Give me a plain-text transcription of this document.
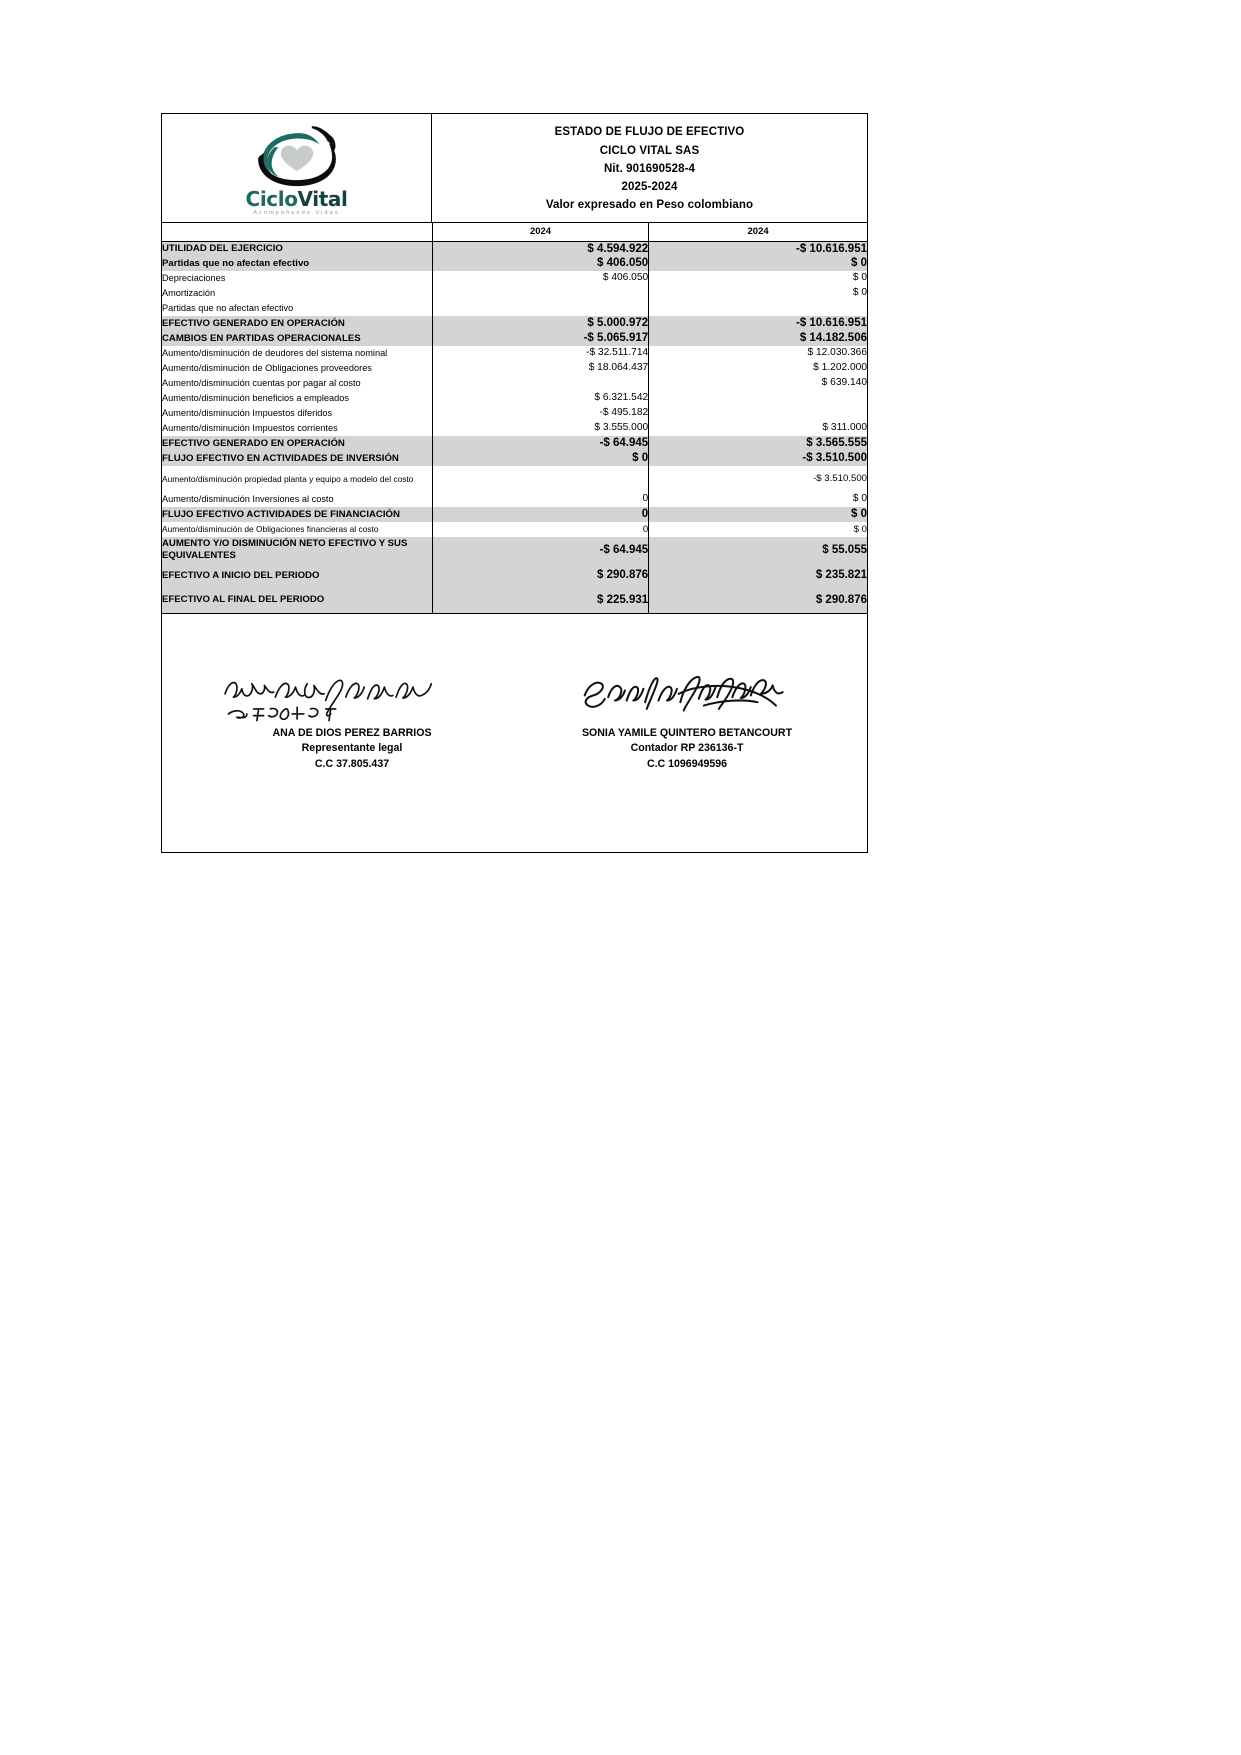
CicloVital
Acompañando Vidas
ESTADO DE FLUJO DE EFECTIVO
CICLO VITAL SAS
Nit. 901690528-4
2025-2024
Valor expresado en Peso colombiano
	2024	2024
UTILIDAD DEL EJERCICIO	$ 4.594.922	-$ 10.616.951
Partidas que no afectan efectivo	$ 406.050	$ 0
Depreciaciones	$ 406.050	$ 0
Amortización		$ 0
Partidas que no afectan efectivo		
EFECTIVO GENERADO EN OPERACIÓN	$ 5.000.972	-$ 10.616.951
CAMBIOS EN PARTIDAS OPERACIONALES	-$ 5.065.917	$ 14.182.506
Aumento/disminución de deudores del sistema nominal	-$ 32.511.714	$ 12.030.366
Aumento/disminución de Obligaciones proveedores	$ 18.064.437	$ 1.202.000
Aumento/disminución cuentas por pagar al costo		$ 639.140
Aumento/disminución beneficios a empleados	$ 6.321.542	
Aumento/disminución Impuestos diferidos	-$ 495.182	
Aumento/disminución Impuestos corrientes	$ 3.555.000	$ 311.000
EFECTIVO GENERADO EN OPERACIÓN	-$ 64.945	$ 3.565.555
FLUJO EFECTIVO EN ACTIVIDADES DE INVERSIÓN	$ 0	-$ 3.510.500
Aumento/disminución propiedad planta y equipo a modelo del costo		-$ 3.510.500
Aumento/disminución Inversiones al costo	0	$ 0
FLUJO EFECTIVO ACTIVIDADES DE FINANCIACIÓN	0	$ 0
Aumento/disminución de Obligaciones financieras al costo	0	$ 0
AUMENTO Y/O DISMINUCIÓN NETO EFECTIVO Y SUS EQUIVALENTES	-$ 64.945	$ 55.055
EFECTIVO A INICIO DEL PERIODO	$ 290.876	$ 235.821
EFECTIVO AL FINAL DEL PERIODO	$ 225.931	$ 290.876
ANA DE DIOS PEREZ BARRIOS
Representante legal
C.C 37.805.437
SONIA YAMILE QUINTERO BETANCOURT
Contador RP 236136-T
C.C 1096949596
